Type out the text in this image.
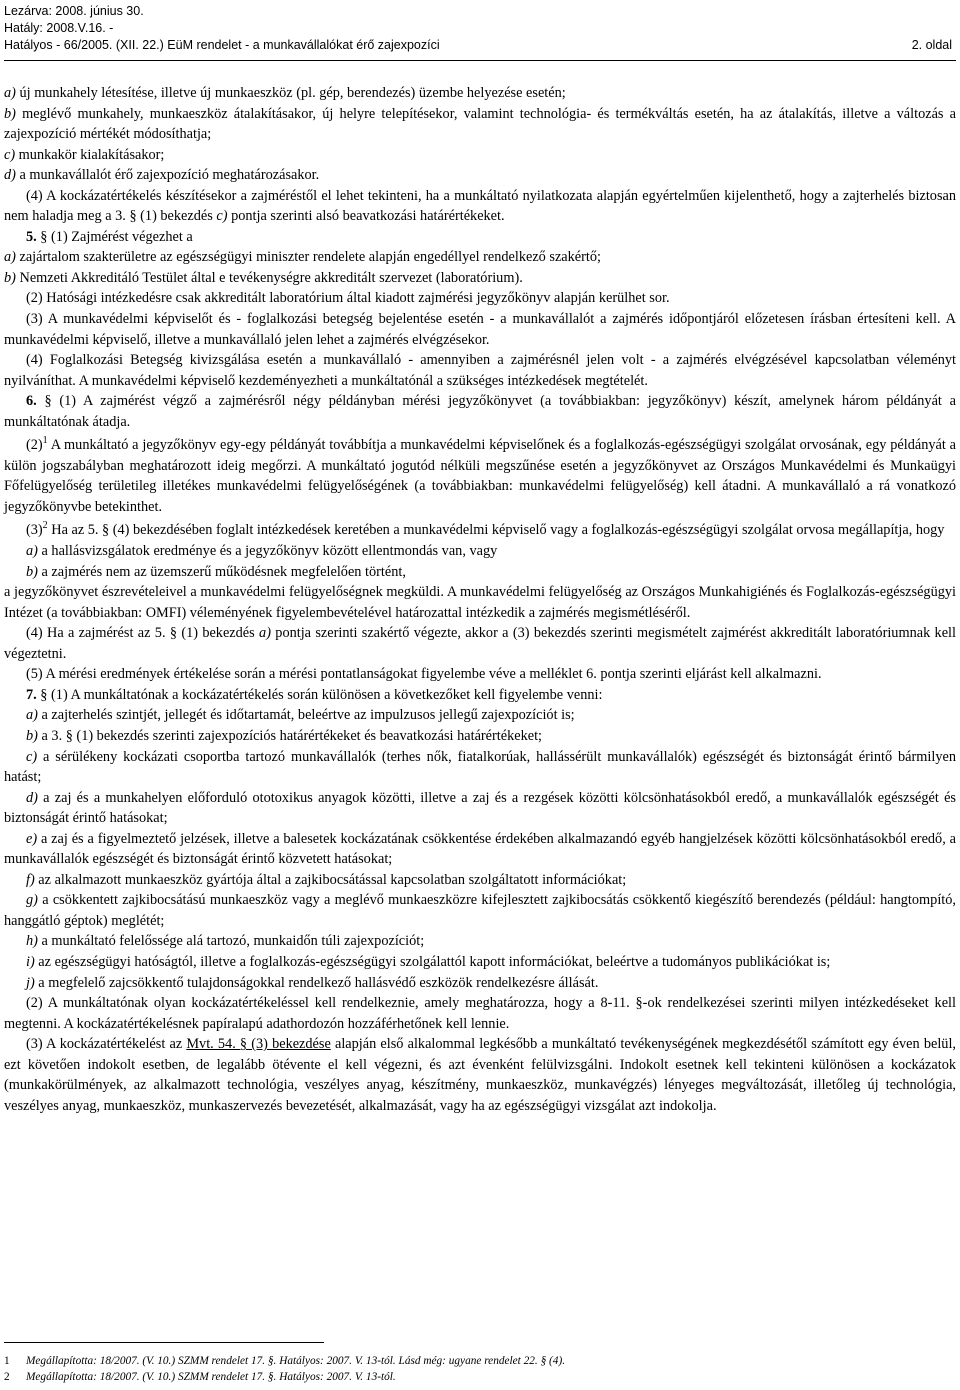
Lezárva: 2008. június 30.
Hatály: 2008.V.16. -
Hatályos - 66/2005. (XII. 22.) EüM rendelet - a munkavállalókat érő zajexpozíci	2. oldal

a) új munkahely létesítése, illetve új munkaeszköz (pl. gép, berendezés) üzembe helyezése esetén;

b) meglévő munkahely, munkaeszköz átalakításakor, új helyre telepítésekor, valamint technológia- és termékváltás esetén, ha az átalakítás, illetve a változás a zajexpozíció mértékét módosíthatja;

c) munkakör kialakításakor;

d) a munkavállalót érő zajexpozíció meghatározásakor.

(4) A kockázatértékelés készítésekor a zajméréstől el lehet tekinteni, ha a munkáltató nyilatkozata alapján egyértelműen kijelenthető, hogy a zajterhelés biztosan nem haladja meg a 3. § (1) bekezdés c) pontja szerinti alsó beavatkozási határértékeket.

5. § (1) Zajmérést végezhet a

a) zajártalom szakterületre az egészségügyi miniszter rendelete alapján engedéllyel rendelkező szakértő;

b) Nemzeti Akkreditáló Testület által e tevékenységre akkreditált szervezet (laboratórium).

(2) Hatósági intézkedésre csak akkreditált laboratórium által kiadott zajmérési jegyzőkönyv alapján kerülhet sor.

(3) A munkavédelmi képviselőt és - foglalkozási betegség bejelentése esetén - a munkavállalót a zajmérés időpontjáról előzetesen írásban értesíteni kell. A munkavédelmi képviselő, illetve a munkavállaló jelen lehet a zajmérés elvégzésekor.

(4) Foglalkozási Betegség kivizsgálása esetén a munkavállaló - amennyiben a zajmérésnél jelen volt - a zajmérés elvégzésével kapcsolatban véleményt nyilváníthat. A munkavédelmi képviselő kezdeményezheti a munkáltatónál a szükséges intézkedések megtételét.

6. § (1) A zajmérést végző a zajmérésről négy példányban mérési jegyzőkönyvet (a továbbiakban: jegyzőkönyv) készít, amelynek három példányát a munkáltatónak átadja.

$(2)^1$ A munkáltató a jegyzőkönyv egy-egy példányát továbbítja a munkavédelmi képviselőnek és a foglalkozás-egészségügyi szolgálat orvosának, egy példányát a külön jogszabályban meghatározott ideig megőrzi. A munkáltató jogutód nélküli megszűnése esetén a jegyzőkönyvet az Országos Munkavédelmi és Munkaügyi Főfelügyelőség területileg illetékes munkavédelmi felügyelőségének (a továbbiakban: munkavédelmi felügyelőség) kell átadni. A munkavállaló a rá vonatkozó jegyzőkönyvbe betekinthet.

$(3)^2$ Ha az 5. § (4) bekezdésében foglalt intézkedések keretében a munkavédelmi képviselő vagy a foglalkozás-egészségügyi szolgálat orvosa megállapítja, hogy

a) a hallásvizsgálatok eredménye és a jegyzőkönyv között ellentmondás van, vagy

b) a zajmérés nem az üzemszerű működésnek megfelelően történt,

a jegyzőkönyvet észrevételeivel a munkavédelmi felügyelőségnek megküldi. A munkavédelmi felügyelőség az Országos Munkahigiénés és Foglalkozás-egészségügyi Intézet (a továbbiakban: OMFI) véleményének figyelembevételével határozattal intézkedik a zajmérés megismétléséről.

(4) Ha a zajmérést az 5. § (1) bekezdés a) pontja szerinti szakértő végezte, akkor a (3) bekezdés szerinti megismételt zajmérést akkreditált laboratóriumnak kell végeztetni.

(5) A mérési eredmények értékelése során a mérési pontatlanságokat figyelembe véve a melléklet 6. pontja szerinti eljárást kell alkalmazni.

7. § (1) A munkáltatónak a kockázatértékelés során különösen a következőket kell figyelembe venni:

a) a zajterhelés szintjét, jellegét és időtartamát, beleértve az impulzusos jellegű zajexpozíciót is;

b) a 3. § (1) bekezdés szerinti zajexpozíciós határértékeket és beavatkozási határértékeket;

c) a sérülékeny kockázati csoportba tartozó munkavállalók (terhes nők, fiatalkorúak, hallássérült munkavállalók) egészségét és biztonságát érintő bármilyen hatást;

d) a zaj és a munkahelyen előforduló ototoxikus anyagok közötti, illetve a zaj és a rezgések közötti kölcsönhatásokból eredő, a munkavállalók egészségét és biztonságát érintő hatásokat;

e) a zaj és a figyelmeztető jelzések, illetve a balesetek kockázatának csökkentése érdekében alkalmazandó egyéb hangjelzések közötti kölcsönhatásokból eredő, a munkavállalók egészségét és biztonságát érintő közvetett hatásokat;

f) az alkalmazott munkaeszköz gyártója által a zajkibocsátással kapcsolatban szolgáltatott információkat;

g) a csökkentett zajkibocsátású munkaeszköz vagy a meglévő munkaeszközre kifejlesztett zajkibocsátás csökkentő kiegészítő berendezés (például: hangtompító, hanggátló géptok) meglétét;

h) a munkáltató felelőssége alá tartozó, munkaidőn túli zajexpozíciót;

i) az egészségügyi hatóságtól, illetve a foglalkozás-egészségügyi szolgálattól kapott információkat, beleértve a tudományos publikációkat is;

j) a megfelelő zajcsökkentő tulajdonságokkal rendelkező hallásvédő eszközök rendelkezésre állását.

(2) A munkáltatónak olyan kockázatértékeléssel kell rendelkeznie, amely meghatározza, hogy a 8-11. §-ok rendelkezései szerinti milyen intézkedéseket kell megtenni. A kockázatértékelésnek papíralapú adathordozón hozzáférhetőnek kell lennie.

(3) A kockázatértékelést az Mvt. 54. § (3) bekezdése alapján első alkalommal legkésőbb a munkáltató tevékenységének megkezdésétől számított egy éven belül, ezt követően indokolt esetben, de legalább ötévente el kell végezni, és azt évenként felülvizsgálni. Indokolt esetnek kell tekinteni különösen a kockázatok (munkakörülmények, az alkalmazott technológia, veszélyes anyag, készítmény, munkaeszköz, munkavégzés) lényeges megváltozását, illetőleg új technológia, veszélyes anyag, munkaeszköz, munkaszervezés bevezetését, alkalmazását, vagy ha az egészségügyi vizsgálat azt indokolja.

1 Megállapította: 18/2007. (V. 10.) SZMM rendelet 17. §. Hatályos: 2007. V. 13-tól. Lásd még: ugyane rendelet 22. § (4).
2 Megállapította: 18/2007. (V. 10.) SZMM rendelet 17. §. Hatályos: 2007. V. 13-tól.
